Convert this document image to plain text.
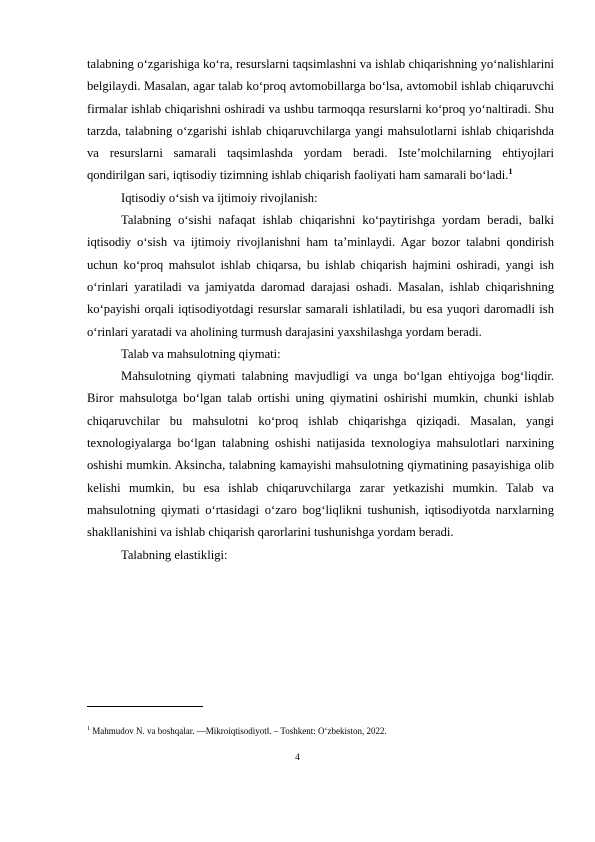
talabning o‘zgarishiga ko‘ra, resurslarni taqsimlashni va ishlab chiqarishning yo‘nalishlarini belgilaydi. Masalan, agar talab ko‘proq avtomobillarga bo‘lsa, avtomobil ishlab chiqaruvchi firmalar ishlab chiqarishni oshiradi va ushbu tarmoqqa resurslarni ko‘proq yo‘naltiradi. Shu tarzda, talabning o‘zgarishi ishlab chiqaruvchilarga yangi mahsulotlarni ishlab chiqarishda va resurslarni samarali taqsimlashda yordam beradi. Iste’molchilarning ehtiyojlari qondirilgan sari, iqtisodiy tizimning ishlab chiqarish faoliyati ham samarali bo‘ladi.$^1$

Iqtisodiy o‘sish va ijtimoiy rivojlanish:

Talabning o‘sishi nafaqat ishlab chiqarishni ko‘paytirishga yordam beradi, balki iqtisodiy o‘sish va ijtimoiy rivojlanishni ham ta’minlaydi. Agar bozor talabni qondirish uchun ko‘proq mahsulot ishlab chiqarsa, bu ishlab chiqarish hajmini oshiradi, yangi ish o‘rinlari yaratiladi va jamiyatda daromad darajasi oshadi. Masalan, ishlab chiqarishning ko‘payishi orqali iqtisodiyotdagi resurslar samarali ishlatiladi, bu esa yuqori daromadli ish o‘rinlari yaratadi va aholining turmush darajasini yaxshilashga yordam beradi.

Talab va mahsulotning qiymati:

Mahsulotning qiymati talabning mavjudligi va unga bo‘lgan ehtiyojga bog‘liqdir. Biror mahsulotga bo‘lgan talab ortishi uning qiymatini oshirishi mumkin, chunki ishlab chiqaruvchilar bu mahsulotni ko‘proq ishlab chiqarishga qiziqadi. Masalan, yangi texnologiyalarga bo‘lgan talabning oshishi natijasida texnologiya mahsulotlari narxining oshishi mumkin. Aksincha, talabning kamayishi mahsulotning qiymatining pasayishiga olib kelishi mumkin, bu esa ishlab chiqaruvchilarga zarar yetkazishi mumkin. Talab va mahsulotning qiymati o‘rtasidagi o‘zaro bog‘liqlikni tushunish, iqtisodiyotda narxlarning shakllanishini va ishlab chiqarish qarorlarini tushunishga yordam beradi.

Talabning elastikligi:

$^1$ Mahmudov N. va boshqalar. ―Mikroiqtisodiyot‖. – Toshkent: O‘zbekiston, 2022.
4
